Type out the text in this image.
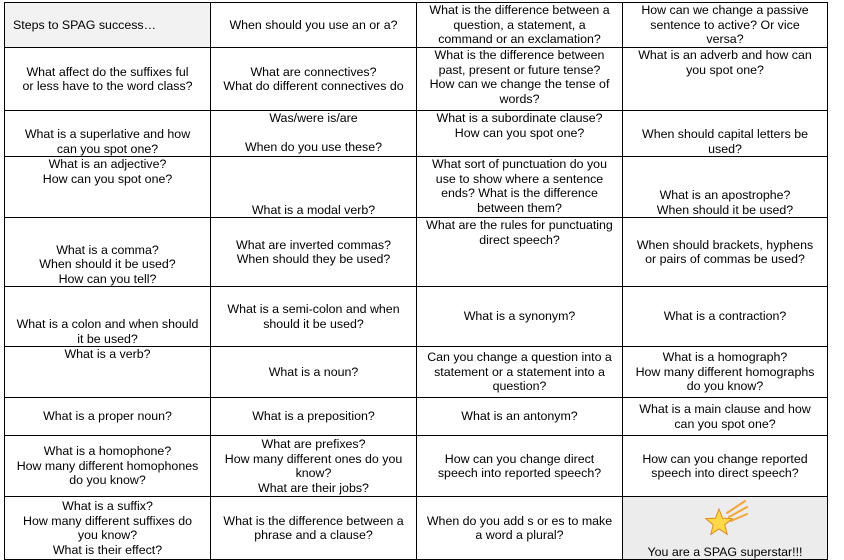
Steps to SPAG success…	When should you use an or a?	What is the difference between a
question, a statement, a
command or an exclamation?	How can we change a passive
sentence to active? Or vice
versa?

What affect do the suffixes ful
or less have to the word class?	What are connectives?
What do different connectives do	What is the difference between
past, present or future tense?
How can we change the tense of
words?	What is an adverb and how can
you spot one?

What is a superlative and how
can you spot one?	Was/were is/are

When do you use these?	What is a subordinate clause?
How can you spot one?	When should capital letters be
used?

What is an adjective?
How can you spot one?	What is a modal verb?	What sort of punctuation do you
use to show where a sentence
ends? What is the difference
between them?	What is an apostrophe?
When should it be used?

What is a comma?
When should it be used?
How can you tell?	What are inverted commas?
When should they be used?	What are the rules for punctuating
direct speech?	When should brackets, hyphens
or pairs of commas be used?

What is a colon and when should
it be used?	What is a semi-colon and when
should it be used?	What is a synonym?	What is a contraction?

What is a verb?	What is a noun?	Can you change a question into a
statement or a statement into a
question?	What is a homograph?
How many different homographs
do you know?

What is a proper noun?	What is a preposition?	What is an antonym?	What is a main clause and how
can you spot one?

What is a homophone?
How many different homophones
do you know?	What are prefixes?
How many different ones do you
know?
What are their jobs?	How can you change direct
speech into reported speech?	How can you change reported
speech into direct speech?

What is a suffix?
How many different suffixes do
you know?
What is their effect?	What is the difference between a
phrase and a clause?	When do you add s or es to make
a word a plural?	You are a SPAG superstar!!!
